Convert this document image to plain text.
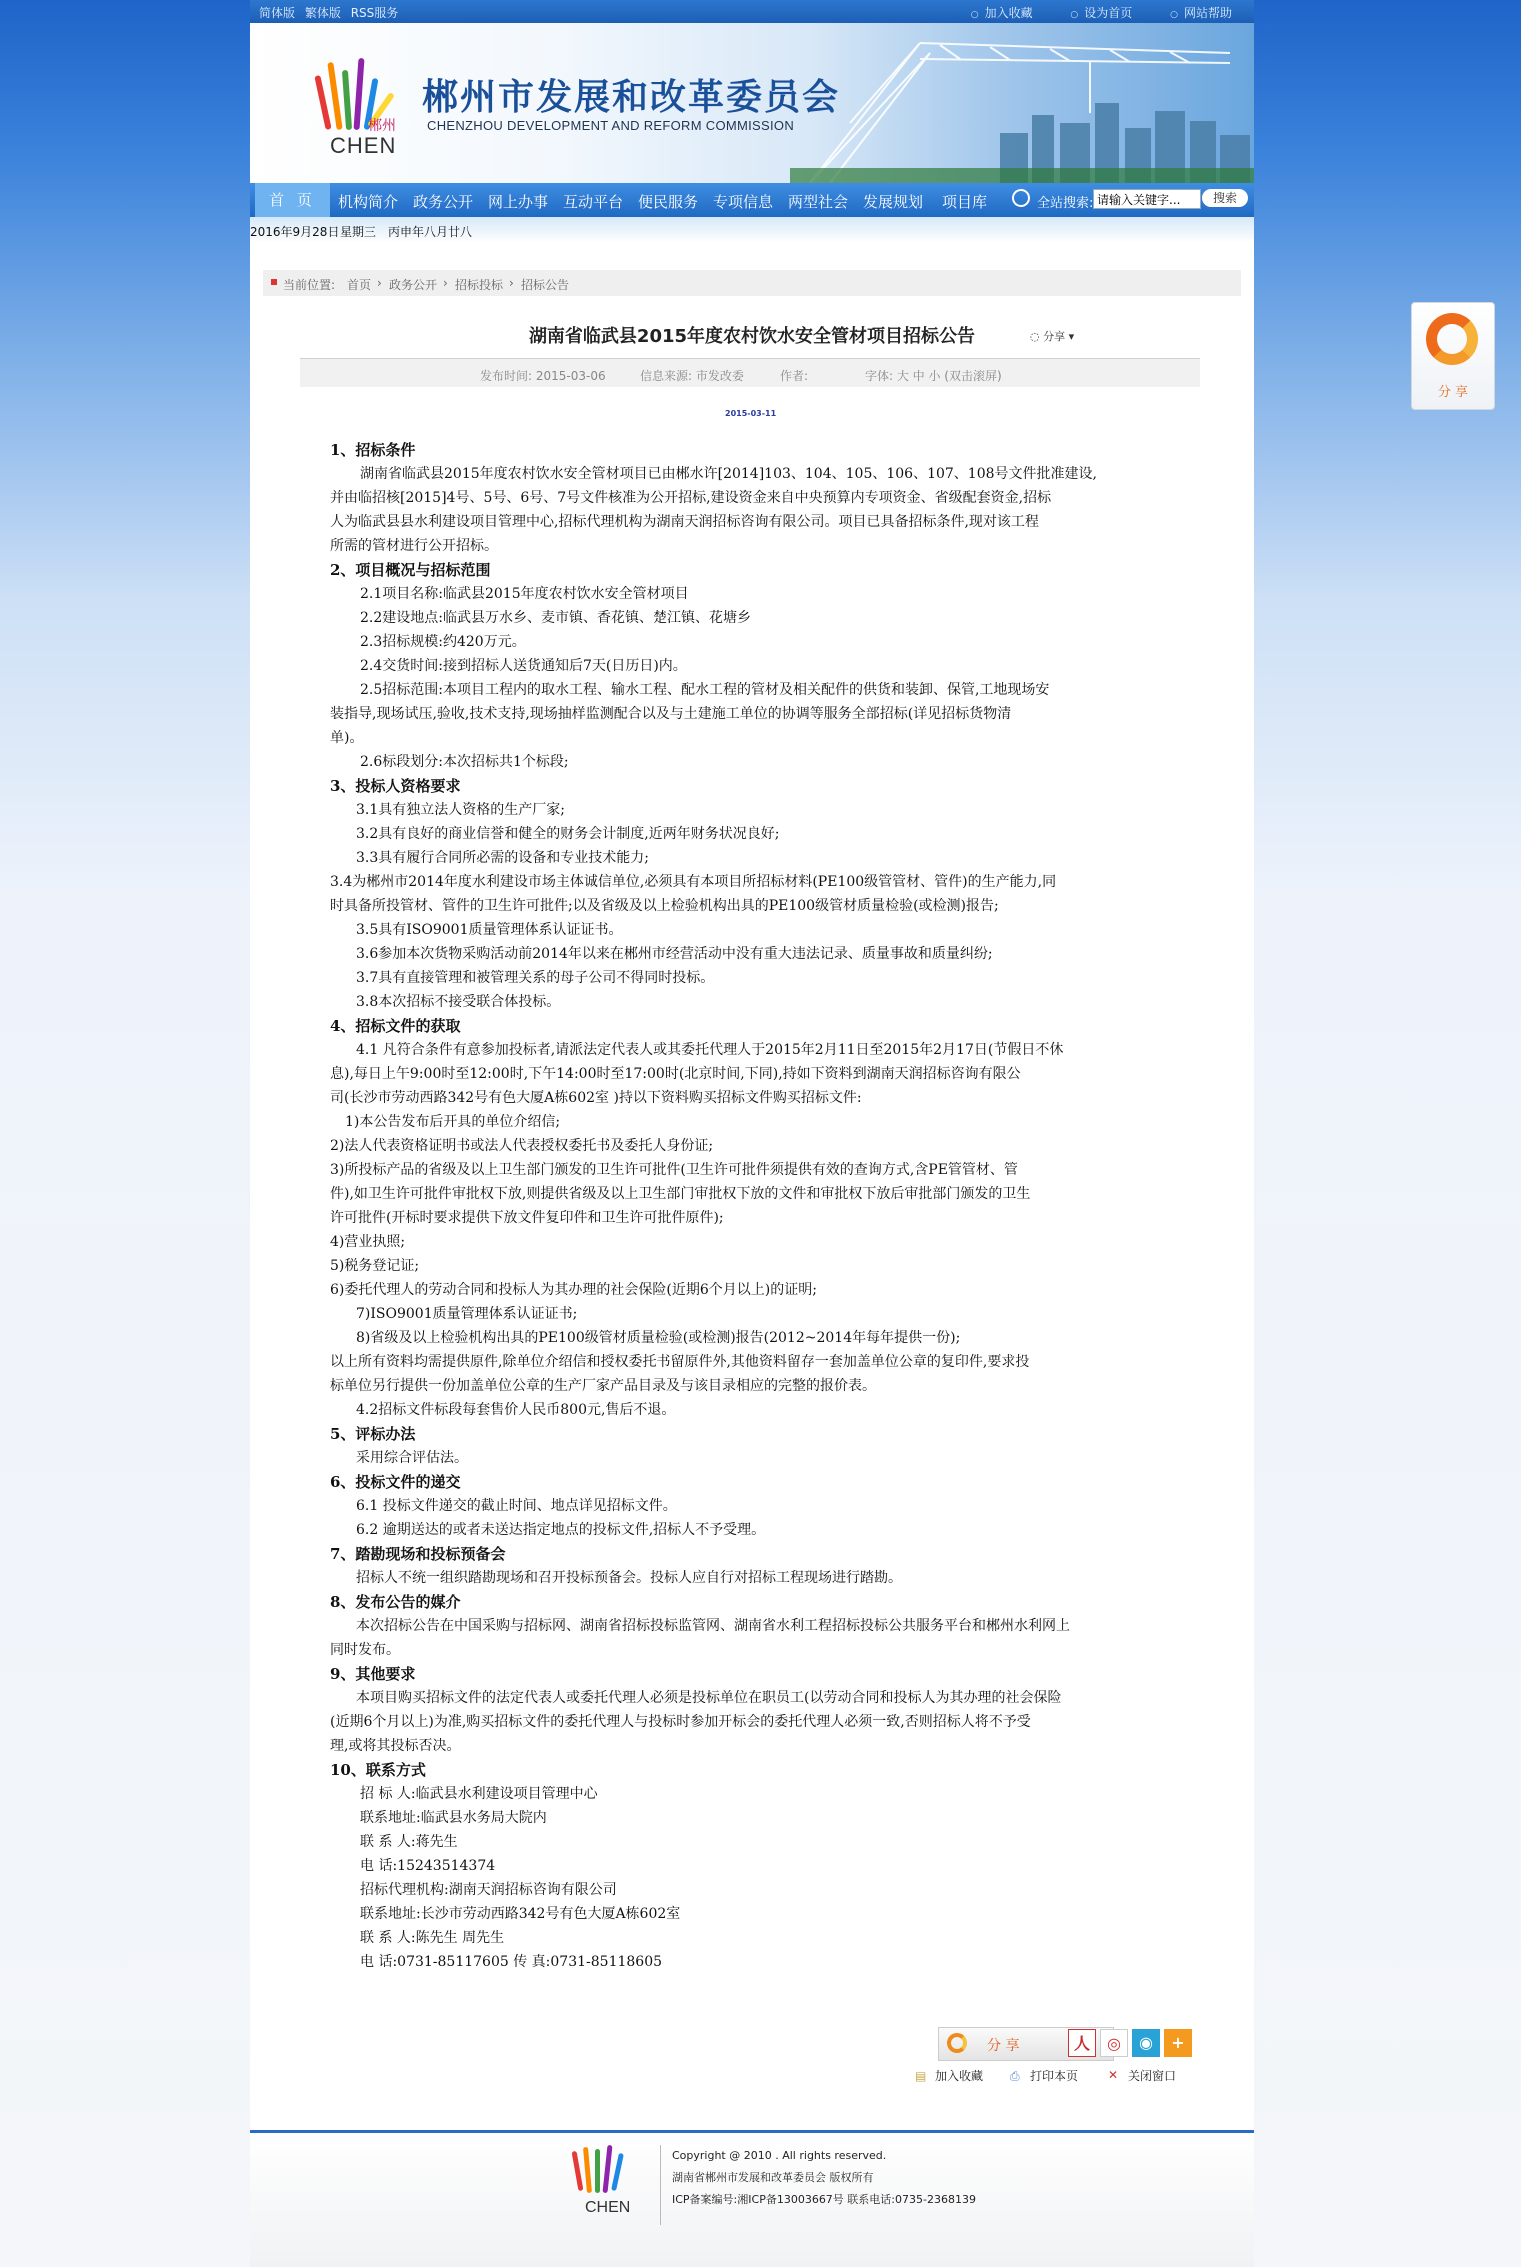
简体版 繁体版 RSS服务	○ 加入收藏	○ 设为首页	○ 网站帮助
郴州
CHEN
郴州市发展和改革委员会
CHENZHOU DEVELOPMENT AND REFORM COMMISSION
首 页	机构简介 政务公开 网上办事 互动平台 便民服务 专项信息 两型社会 发展规划 项目库	全站搜索:
请输入关键字...	搜索
2016年9月28日 星期三 丙申年八月廿八
当前位置: 首页 › 政务公开 › 招标投标 › 招标公告
湖南省临武县2015年度农村饮水安全管材项目招标公告	◌ 分享 ▾
发布时间: 2015-03-06	信息来源: 市发改委	作者:	字体: 大 中 小 (双击滚屏)
2015-03-11
1、招标条件
湖南省临武县2015年度农村饮水安全管材项目已由郴水许[2014]103、104、105、106、107、108号文件批准建设,
并由临招核[2015]4号、5号、6号、7号文件核准为公开招标,建设资金来自中央预算内专项资金、省级配套资金,招标
人为临武县县水利建设项目管理中心,招标代理机构为湖南天润招标咨询有限公司。项目已具备招标条件,现对该工程
所需的管材进行公开招标。
2、项目概况与招标范围
2.1项目名称:临武县2015年度农村饮水安全管材项目
2.2建设地点:临武县万水乡、麦市镇、香花镇、楚江镇、花塘乡
2.3招标规模:约420万元。
2.4交货时间:接到招标人送货通知后7天(日历日)内。
2.5招标范围:本项目工程内的取水工程、输水工程、配水工程的管材及相关配件的供货和装卸、保管,工地现场安
装指导,现场试压,验收,技术支持,现场抽样监测配合以及与土建施工单位的协调等服务全部招标(详见招标货物清
单)。
2.6标段划分:本次招标共1个标段;
3、投标人资格要求
3.1具有独立法人资格的生产厂家;
3.2具有良好的商业信誉和健全的财务会计制度,近两年财务状况良好;
3.3具有履行合同所必需的设备和专业技术能力;
3.4为郴州市2014年度水利建设市场主体诚信单位,必须具有本项目所招标材料(PE100级管管材、管件)的生产能力,同
时具备所投管材、管件的卫生许可批件;以及省级及以上检验机构出具的PE100级管材质量检验(或检测)报告;
3.5具有ISO9001质量管理体系认证证书。
3.6参加本次货物采购活动前2014年以来在郴州市经营活动中没有重大违法记录、质量事故和质量纠纷;
3.7具有直接管理和被管理关系的母子公司不得同时投标。
3.8本次招标不接受联合体投标。
4、招标文件的获取
4.1 凡符合条件有意参加投标者,请派法定代表人或其委托代理人于2015年2月11日至2015年2月17日(节假日不休
息),每日上午9:00时至12:00时,下午14:00时至17:00时(北京时间,下同),持如下资料到湖南天润招标咨询有限公
司(长沙市劳动西路342号有色大厦A栋602室 )持以下资料购买招标文件购买招标文件:
1)本公告发布后开具的单位介绍信;
2)法人代表资格证明书或法人代表授权委托书及委托人身份证;
3)所投标产品的省级及以上卫生部门颁发的卫生许可批件(卫生许可批件须提供有效的查询方式,含PE管管材、管
件),如卫生许可批件审批权下放,则提供省级及以上卫生部门审批权下放的文件和审批权下放后审批部门颁发的卫生
许可批件(开标时要求提供下放文件复印件和卫生许可批件原件);
4)营业执照;
5)税务登记证;
6)委托代理人的劳动合同和投标人为其办理的社会保险(近期6个月以上)的证明;
7)ISO9001质量管理体系认证证书;
8)省级及以上检验机构出具的PE100级管材质量检验(或检测)报告(2012~2014年每年提供一份);
以上所有资料均需提供原件,除单位介绍信和授权委托书留原件外,其他资料留存一套加盖单位公章的复印件,要求投
标单位另行提供一份加盖单位公章的生产厂家产品目录及与该目录相应的完整的报价表。
4.2招标文件标段每套售价人民币800元,售后不退。
5、评标办法
采用综合评估法。
6、投标文件的递交
6.1 投标文件递交的截止时间、地点详见招标文件。
6.2 逾期送达的或者未送达指定地点的投标文件,招标人不予受理。
7、踏勘现场和投标预备会
招标人不统一组织踏勘现场和召开投标预备会。投标人应自行对招标工程现场进行踏勘。
8、发布公告的媒介
本次招标公告在中国采购与招标网、湖南省招标投标监管网、湖南省水利工程招标投标公共服务平台和郴州水利网上
同时发布。
9、其他要求
本项目购买招标文件的法定代表人或委托代理人必须是投标单位在职员工(以劳动合同和投标人为其办理的社会保险
(近期6个月以上)为准,购买招标文件的委托代理人与投标时参加开标会的委托代理人必须一致,否则招标人将不予受
理,或将其投标否决。
10、联系方式
招 标 人:临武县水利建设项目管理中心
联系地址:临武县水务局大院内
联 系 人:蒋先生
电 话:15243514374
招标代理机构:湖南天润招标咨询有限公司
联系地址:长沙市劳动西路342号有色大厦A栋602室
联 系 人:陈先生 周先生
电 话:0731-85117605 传 真:0731-85118605
分 享	人	◎	◉	+
▤ 加入收藏 ⎙ 打印本页 ✕ 关闭窗口
CHEN
Copyright @ 2010 . All rights reserved.
湖南省郴州市发展和改革委员会 版权所有
ICP备案编号:湘ICP备13003667号 联系电话:0735-2368139
分 享
